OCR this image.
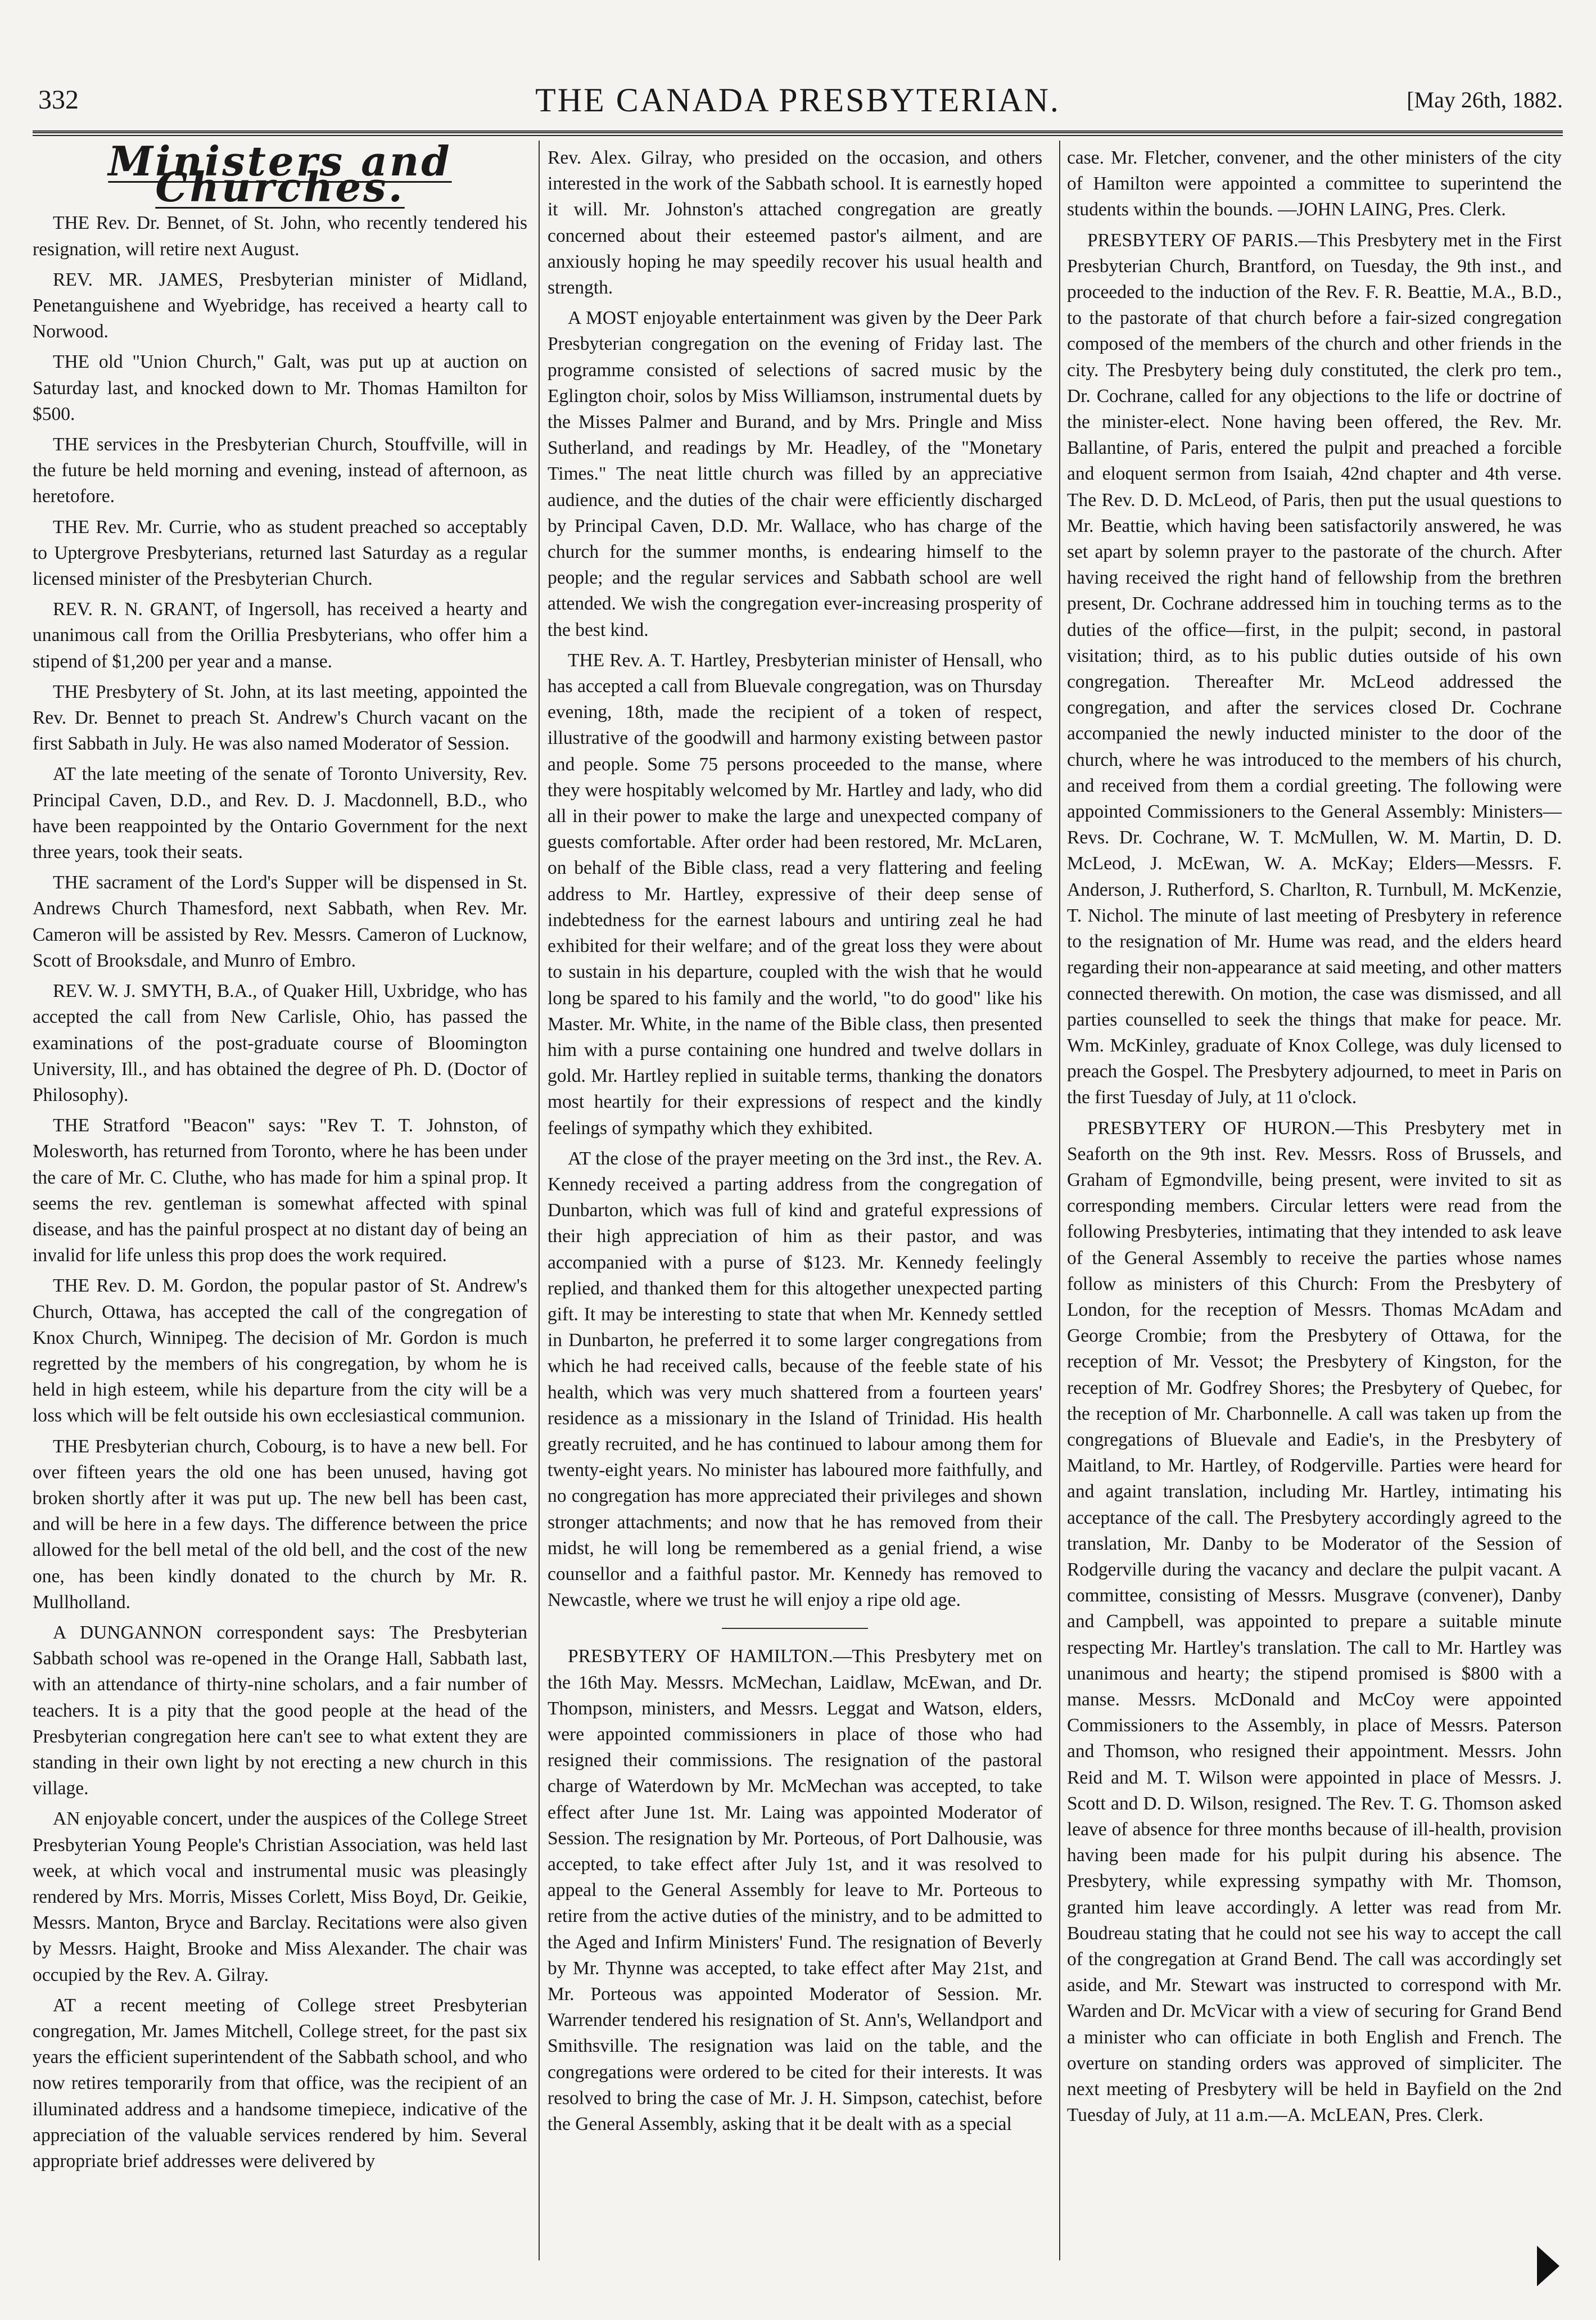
332	THE CANADA PRESBYTERIAN.	[May 26th, 1882.
Ministers and Churches.

THE Rev. Dr. Bennet, of St. John, who recently tendered his resignation, will retire next August.

REV. MR. JAMES, Presbyterian minister of Midland, Penetanguishene and Wyebridge, has received a hearty call to Norwood.

THE old "Union Church," Galt, was put up at auction on Saturday last, and knocked down to Mr. Thomas Hamilton for $500.

THE services in the Presbyterian Church, Stouffville, will in the future be held morning and evening, instead of afternoon, as heretofore.

THE Rev. Mr. Currie, who as student preached so acceptably to Uptergrove Presbyterians, returned last Saturday as a regular licensed minister of the Presbyterian Church.

REV. R. N. GRANT, of Ingersoll, has received a hearty and unanimous call from the Orillia Presbyterians, who offer him a stipend of $1,200 per year and a manse.

THE Presbytery of St. John, at its last meeting, appointed the Rev. Dr. Bennet to preach St. Andrew's Church vacant on the first Sabbath in July. He was also named Moderator of Session.

AT the late meeting of the senate of Toronto University, Rev. Principal Caven, D.D., and Rev. D. J. Macdonnell, B.D., who have been reappointed by the Ontario Government for the next three years, took their seats.

THE sacrament of the Lord's Supper will be dispensed in St. Andrews Church Thamesford, next Sabbath, when Rev. Mr. Cameron will be assisted by Rev. Messrs. Cameron of Lucknow, Scott of Brooksdale, and Munro of Embro.

REV. W. J. SMYTH, B.A., of Quaker Hill, Uxbridge, who has accepted the call from New Carlisle, Ohio, has passed the examinations of the post-graduate course of Bloomington University, Ill., and has obtained the degree of Ph. D. (Doctor of Philosophy).

THE Stratford "Beacon" says: "Rev T. T. Johnston, of Molesworth, has returned from Toronto, where he has been under the care of Mr. C. Cluthe, who has made for him a spinal prop. It seems the rev. gentleman is somewhat affected with spinal disease, and has the painful prospect at no distant day of being an invalid for life unless this prop does the work required.

THE Rev. D. M. Gordon, the popular pastor of St. Andrew's Church, Ottawa, has accepted the call of the congregation of Knox Church, Winnipeg. The decision of Mr. Gordon is much regretted by the members of his congregation, by whom he is held in high esteem, while his departure from the city will be a loss which will be felt outside his own ecclesiastical communion.

THE Presbyterian church, Cobourg, is to have a new bell. For over fifteen years the old one has been unused, having got broken shortly after it was put up. The new bell has been cast, and will be here in a few days. The difference between the price allowed for the bell metal of the old bell, and the cost of the new one, has been kindly donated to the church by Mr. R. Mullholland.

A DUNGANNON correspondent says: The Presbyterian Sabbath school was re-opened in the Orange Hall, Sabbath last, with an attendance of thirty-nine scholars, and a fair number of teachers. It is a pity that the good people at the head of the Presbyterian congregation here can't see to what extent they are standing in their own light by not erecting a new church in this village.

AN enjoyable concert, under the auspices of the College Street Presbyterian Young People's Christian Association, was held last week, at which vocal and instrumental music was pleasingly rendered by Mrs. Morris, Misses Corlett, Miss Boyd, Dr. Geikie, Messrs. Manton, Bryce and Barclay. Recitations were also given by Messrs. Haight, Brooke and Miss Alexander. The chair was occupied by the Rev. A. Gilray.

AT a recent meeting of College street Presbyterian congregation, Mr. James Mitchell, College street, for the past six years the efficient superintendent of the Sabbath school, and who now retires temporarily from that office, was the recipient of an illuminated address and a handsome timepiece, indicative of the appreciation of the valuable services rendered by him. Several appropriate brief addresses were delivered by

Rev. Alex. Gilray, who presided on the occasion, and others interested in the work of the Sabbath school. It is earnestly hoped it will. Mr. Johnston's attached congregation are greatly concerned about their esteemed pastor's ailment, and are anxiously hoping he may speedily recover his usual health and strength.

A MOST enjoyable entertainment was given by the Deer Park Presbyterian congregation on the evening of Friday last. The programme consisted of selections of sacred music by the Eglington choir, solos by Miss Williamson, instrumental duets by the Misses Palmer and Burand, and by Mrs. Pringle and Miss Sutherland, and readings by Mr. Headley, of the "Monetary Times." The neat little church was filled by an appreciative audience, and the duties of the chair were efficiently discharged by Principal Caven, D.D. Mr. Wallace, who has charge of the church for the summer months, is endearing himself to the people; and the regular services and Sabbath school are well attended. We wish the congregation ever-increasing prosperity of the best kind.

THE Rev. A. T. Hartley, Presbyterian minister of Hensall, who has accepted a call from Bluevale congregation, was on Thursday evening, 18th, made the recipient of a token of respect, illustrative of the goodwill and harmony existing between pastor and people. Some 75 persons proceeded to the manse, where they were hospitably welcomed by Mr. Hartley and lady, who did all in their power to make the large and unexpected company of guests comfortable. After order had been restored, Mr. McLaren, on behalf of the Bible class, read a very flattering and feeling address to Mr. Hartley, expressive of their deep sense of indebtedness for the earnest labours and untiring zeal he had exhibited for their welfare; and of the great loss they were about to sustain in his departure, coupled with the wish that he would long be spared to his family and the world, "to do good" like his Master. Mr. White, in the name of the Bible class, then presented him with a purse containing one hundred and twelve dollars in gold. Mr. Hartley replied in suitable terms, thanking the donators most heartily for their expressions of respect and the kindly feelings of sympathy which they exhibited.

AT the close of the prayer meeting on the 3rd inst., the Rev. A. Kennedy received a parting address from the congregation of Dunbarton, which was full of kind and grateful expressions of their high appreciation of him as their pastor, and was accompanied with a purse of $123. Mr. Kennedy feelingly replied, and thanked them for this altogether unexpected parting gift. It may be interesting to state that when Mr. Kennedy settled in Dunbarton, he preferred it to some larger congregations from which he had received calls, because of the feeble state of his health, which was very much shattered from a fourteen years' residence as a missionary in the Island of Trinidad. His health greatly recruited, and he has continued to labour among them for twenty-eight years. No minister has laboured more faithfully, and no congregation has more appreciated their privileges and shown stronger attachments; and now that he has removed from their midst, he will long be remembered as a genial friend, a wise counsellor and a faithful pastor. Mr. Kennedy has removed to Newcastle, where we trust he will enjoy a ripe old age.

PRESBYTERY OF HAMILTON.—This Presbytery met on the 16th May. Messrs. McMechan, Laidlaw, McEwan, and Dr. Thompson, ministers, and Messrs. Leggat and Watson, elders, were appointed commissioners in place of those who had resigned their commissions. The resignation of the pastoral charge of Waterdown by Mr. McMechan was accepted, to take effect after June 1st. Mr. Laing was appointed Moderator of Session. The resignation by Mr. Porteous, of Port Dalhousie, was accepted, to take effect after July 1st, and it was resolved to appeal to the General Assembly for leave to Mr. Porteous to retire from the active duties of the ministry, and to be admitted to the Aged and Infirm Ministers' Fund. The resignation of Beverly by Mr. Thynne was accepted, to take effect after May 21st, and Mr. Porteous was appointed Moderator of Session. Mr. Warrender tendered his resignation of St. Ann's, Wellandport and Smithsville. The resignation was laid on the table, and the congregations were ordered to be cited for their interests. It was resolved to bring the case of Mr. J. H. Simpson, catechist, before the General Assembly, asking that it be dealt with as a special

case. Mr. Fletcher, convener, and the other ministers of the city of Hamilton were appointed a committee to superintend the students within the bounds. —JOHN LAING, Pres. Clerk.

PRESBYTERY OF PARIS.—This Presbytery met in the First Presbyterian Church, Brantford, on Tuesday, the 9th inst., and proceeded to the induction of the Rev. F. R. Beattie, M.A., B.D., to the pastorate of that church before a fair-sized congregation composed of the members of the church and other friends in the city. The Presbytery being duly constituted, the clerk pro tem., Dr. Cochrane, called for any objections to the life or doctrine of the minister-elect. None having been offered, the Rev. Mr. Ballantine, of Paris, entered the pulpit and preached a forcible and eloquent sermon from Isaiah, 42nd chapter and 4th verse. The Rev. D. D. McLeod, of Paris, then put the usual questions to Mr. Beattie, which having been satisfactorily answered, he was set apart by solemn prayer to the pastorate of the church. After having received the right hand of fellowship from the brethren present, Dr. Cochrane addressed him in touching terms as to the duties of the office—first, in the pulpit; second, in pastoral visitation; third, as to his public duties outside of his own congregation. Thereafter Mr. McLeod addressed the congregation, and after the services closed Dr. Cochrane accompanied the newly inducted minister to the door of the church, where he was introduced to the members of his church, and received from them a cordial greeting. The following were appointed Commissioners to the General Assembly: Ministers—Revs. Dr. Cochrane, W. T. McMullen, W. M. Martin, D. D. McLeod, J. McEwan, W. A. McKay; Elders—Messrs. F. Anderson, J. Rutherford, S. Charlton, R. Turnbull, M. McKenzie, T. Nichol. The minute of last meeting of Presbytery in reference to the resignation of Mr. Hume was read, and the elders heard regarding their non-appearance at said meeting, and other matters connected therewith. On motion, the case was dismissed, and all parties counselled to seek the things that make for peace. Mr. Wm. McKinley, graduate of Knox College, was duly licensed to preach the Gospel. The Presbytery adjourned, to meet in Paris on the first Tuesday of July, at 11 o'clock.

PRESBYTERY OF HURON.—This Presbytery met in Seaforth on the 9th inst. Rev. Messrs. Ross of Brussels, and Graham of Egmondville, being present, were invited to sit as corresponding members. Circular letters were read from the following Presbyteries, intimating that they intended to ask leave of the General Assembly to receive the parties whose names follow as ministers of this Church: From the Presbytery of London, for the reception of Messrs. Thomas McAdam and George Crombie; from the Presbytery of Ottawa, for the reception of Mr. Vessot; the Presbytery of Kingston, for the reception of Mr. Godfrey Shores; the Presbytery of Quebec, for the reception of Mr. Charbonnelle. A call was taken up from the congregations of Bluevale and Eadie's, in the Presbytery of Maitland, to Mr. Hartley, of Rodgerville. Parties were heard for and againt translation, including Mr. Hartley, intimating his acceptance of the call. The Presbytery accordingly agreed to the translation, Mr. Danby to be Moderator of the Session of Rodgerville during the vacancy and declare the pulpit vacant. A committee, consisting of Messrs. Musgrave (convener), Danby and Campbell, was appointed to prepare a suitable minute respecting Mr. Hartley's translation. The call to Mr. Hartley was unanimous and hearty; the stipend promised is $800 with a manse. Messrs. McDonald and McCoy were appointed Commissioners to the Assembly, in place of Messrs. Paterson and Thomson, who resigned their appointment. Messrs. John Reid and M. T. Wilson were appointed in place of Messrs. J. Scott and D. D. Wilson, resigned. The Rev. T. G. Thomson asked leave of absence for three months because of ill-health, provision having been made for his pulpit during his absence. The Presbytery, while expressing sympathy with Mr. Thomson, granted him leave accordingly. A letter was read from Mr. Boudreau stating that he could not see his way to accept the call of the congregation at Grand Bend. The call was accordingly set aside, and Mr. Stewart was instructed to correspond with Mr. Warden and Dr. McVicar with a view of securing for Grand Bend a minister who can officiate in both English and French. The overture on standing orders was approved of simpliciter. The next meeting of Presbytery will be held in Bayfield on the 2nd Tuesday of July, at 11 a.m.—A. McLEAN, Pres. Clerk.
